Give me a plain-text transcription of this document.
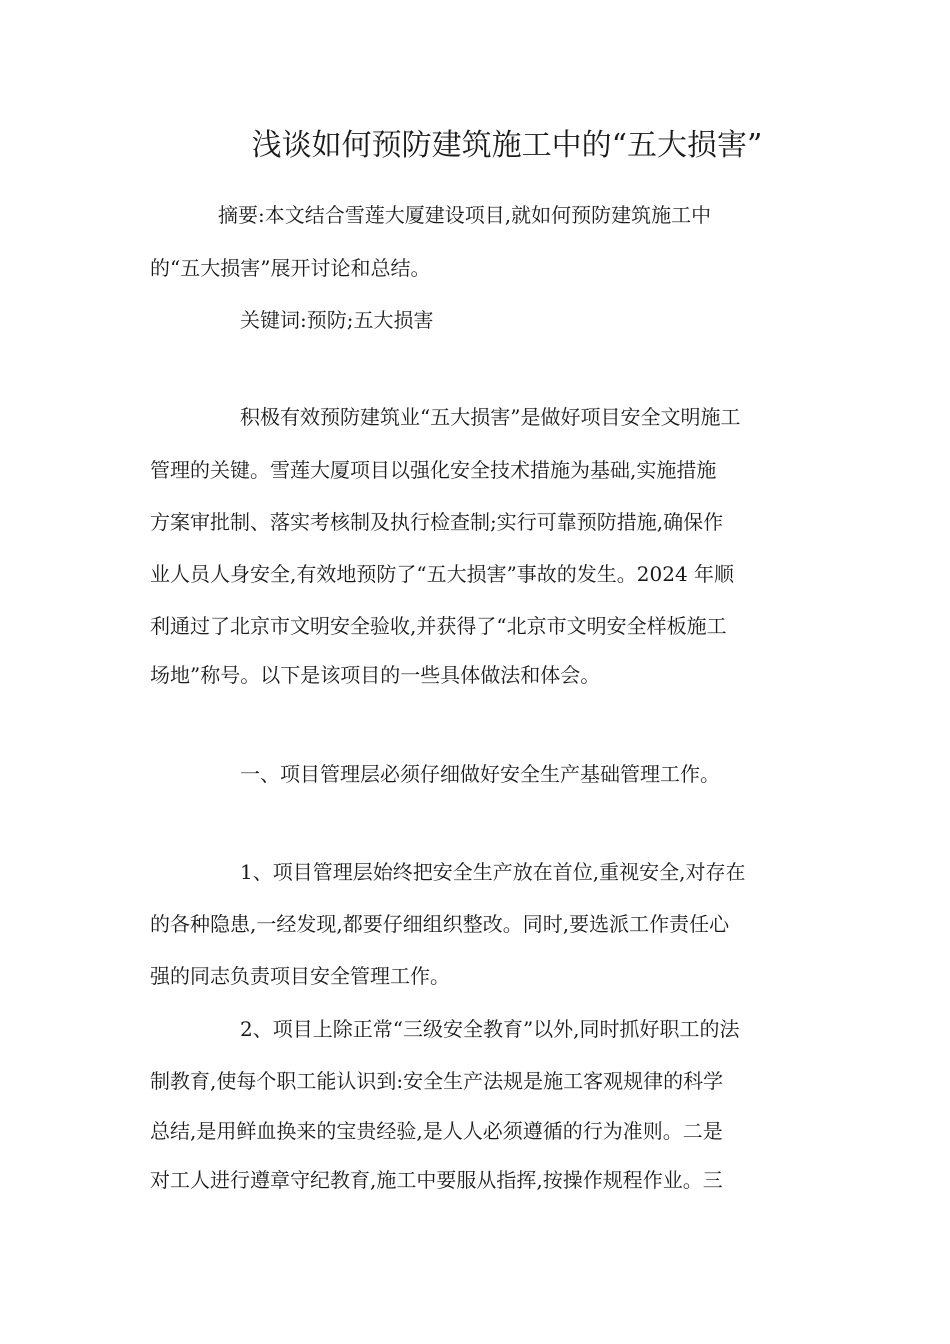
浅谈如何预防建筑施工中的“五大损害”
摘要:本文结合雪莲大厦建设项目,就如何预防建筑施工中
的“五大损害”展开讨论和总结。
关键词:预防;五大损害
积极有效预防建筑业“五大损害”是做好项目安全文明施工
管理的关键。雪莲大厦项目以强化安全技术措施为基础,实施措施
方案审批制、落实考核制及执行检查制;实行可靠预防措施,确保作
业人员人身安全,有效地预防了“五大损害”事故的发生。2024 年顺
利通过了北京市文明安全验收,并获得了“北京市文明安全样板施工
场地”称号。以下是该项目的一些具体做法和体会。
一、项目管理层必须仔细做好安全生产基础管理工作。
1、项目管理层始终把安全生产放在首位,重视安全,对存在
的各种隐患,一经发现,都要仔细组织整改。同时,要选派工作责任心
强的同志负责项目安全管理工作。
2、项目上除正常“三级安全教育”以外,同时抓好职工的法
制教育,使每个职工能认识到:安全生产法规是施工客观规律的科学
总结,是用鲜血换来的宝贵经验,是人人必须遵循的行为准则。二是
对工人进行遵章守纪教育,施工中要服从指挥,按操作规程作业。三
